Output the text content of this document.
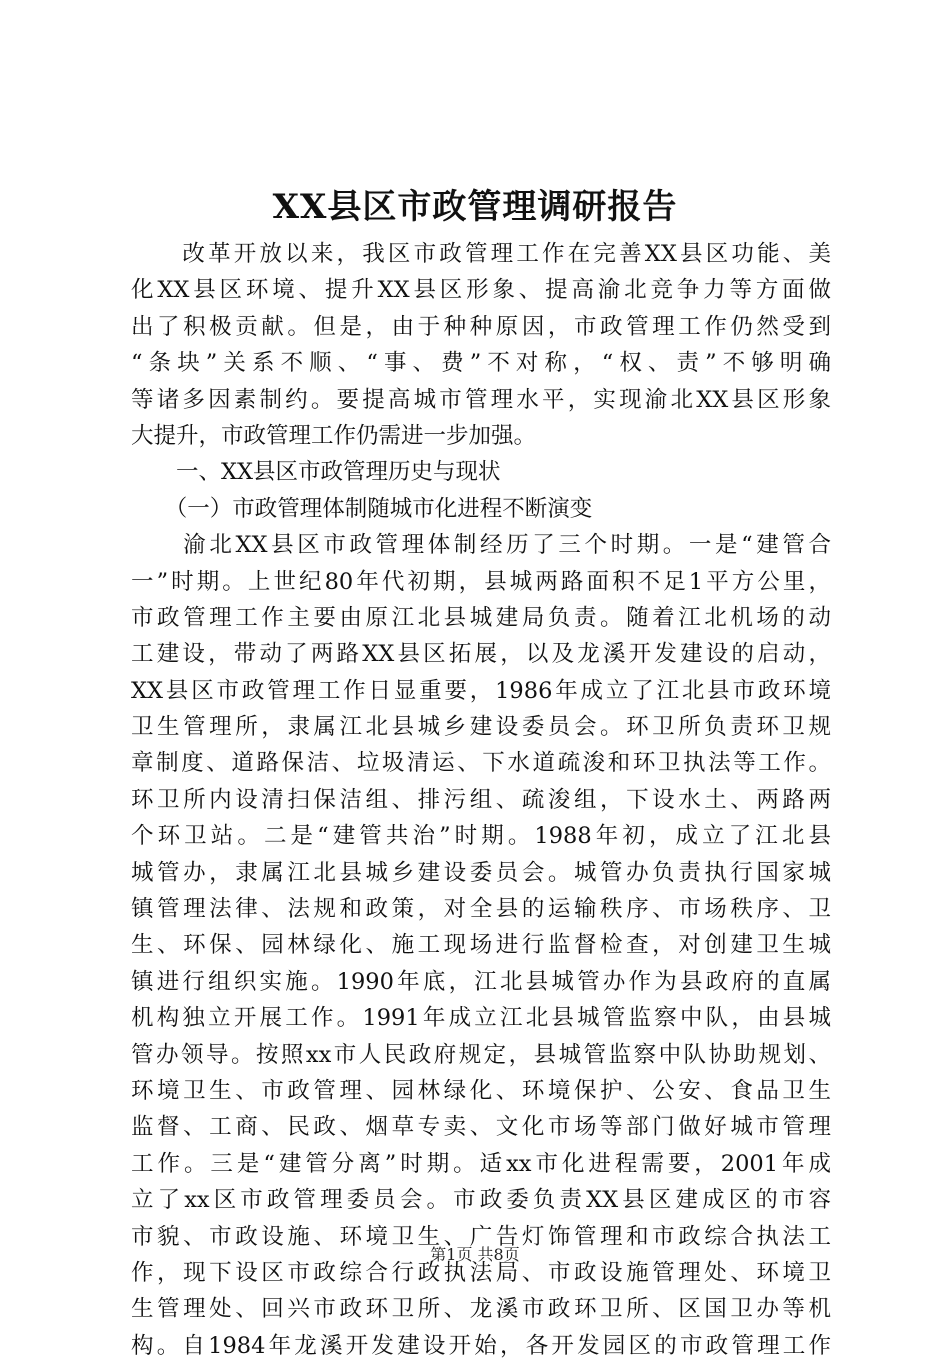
XX县区市政管理调研报告
　　改革开放以来，我区市政管理工作在完善XX县区功能、美
化XX县区环境、提升XX县区形象、提高渝北竞争力等方面做
出了积极贡献。但是，由于种种原因，市政管理工作仍然受到
“条块”关系不顺、“事、费”不对称，“权、责”不够明确
等诸多因素制约。要提高城市管理水平，实现渝北XX县区形象
大提升，市政管理工作仍需进一步加强。
　　一、XX县区市政管理历史与现状
　　（一）市政管理体制随城市化进程不断演变
　　渝北XX县区市政管理体制经历了三个时期。一是“建管合
一”时期。上世纪80年代初期，县城两路面积不足1平方公里，
市政管理工作主要由原江北县城建局负责。随着江北机场的动
工建设，带动了两路XX县区拓展，以及龙溪开发建设的启动，
XX县区市政管理工作日显重要，1986年成立了江北县市政环境
卫生管理所，隶属江北县城乡建设委员会。环卫所负责环卫规
章制度、道路保洁、垃圾清运、下水道疏浚和环卫执法等工作。
环卫所内设清扫保洁组、排污组、疏浚组，下设水土、两路两
个环卫站。二是“建管共治”时期。1988年初，成立了江北县
城管办，隶属江北县城乡建设委员会。城管办负责执行国家城
镇管理法律、法规和政策，对全县的运输秩序、市场秩序、卫
生、环保、园林绿化、施工现场进行监督检查，对创建卫生城
镇进行组织实施。1990年底，江北县城管办作为县政府的直属
机构独立开展工作。1991年成立江北县城管监察中队，由县城
管办领导。按照xx市人民政府规定，县城管监察中队协助规划、
环境卫生、市政管理、园林绿化、环境保护、公安、食品卫生
监督、工商、民政、烟草专卖、文化市场等部门做好城市管理
工作。三是“建管分离”时期。适xx市化进程需要，2001年成
立了xx区市政管理委员会。市政委负责XX县区建成区的市容
市貌、市政设施、环境卫生、广告灯饰管理和市政综合执法工
作，现下设区市政综合行政执法局、市政设施管理处、环境卫
生管理处、回兴市政环卫所、龙溪市政环卫所、区国卫办等机
构。自1984年龙溪开发建设开始，各开发园区的市政管理工作
第1页 共8页
